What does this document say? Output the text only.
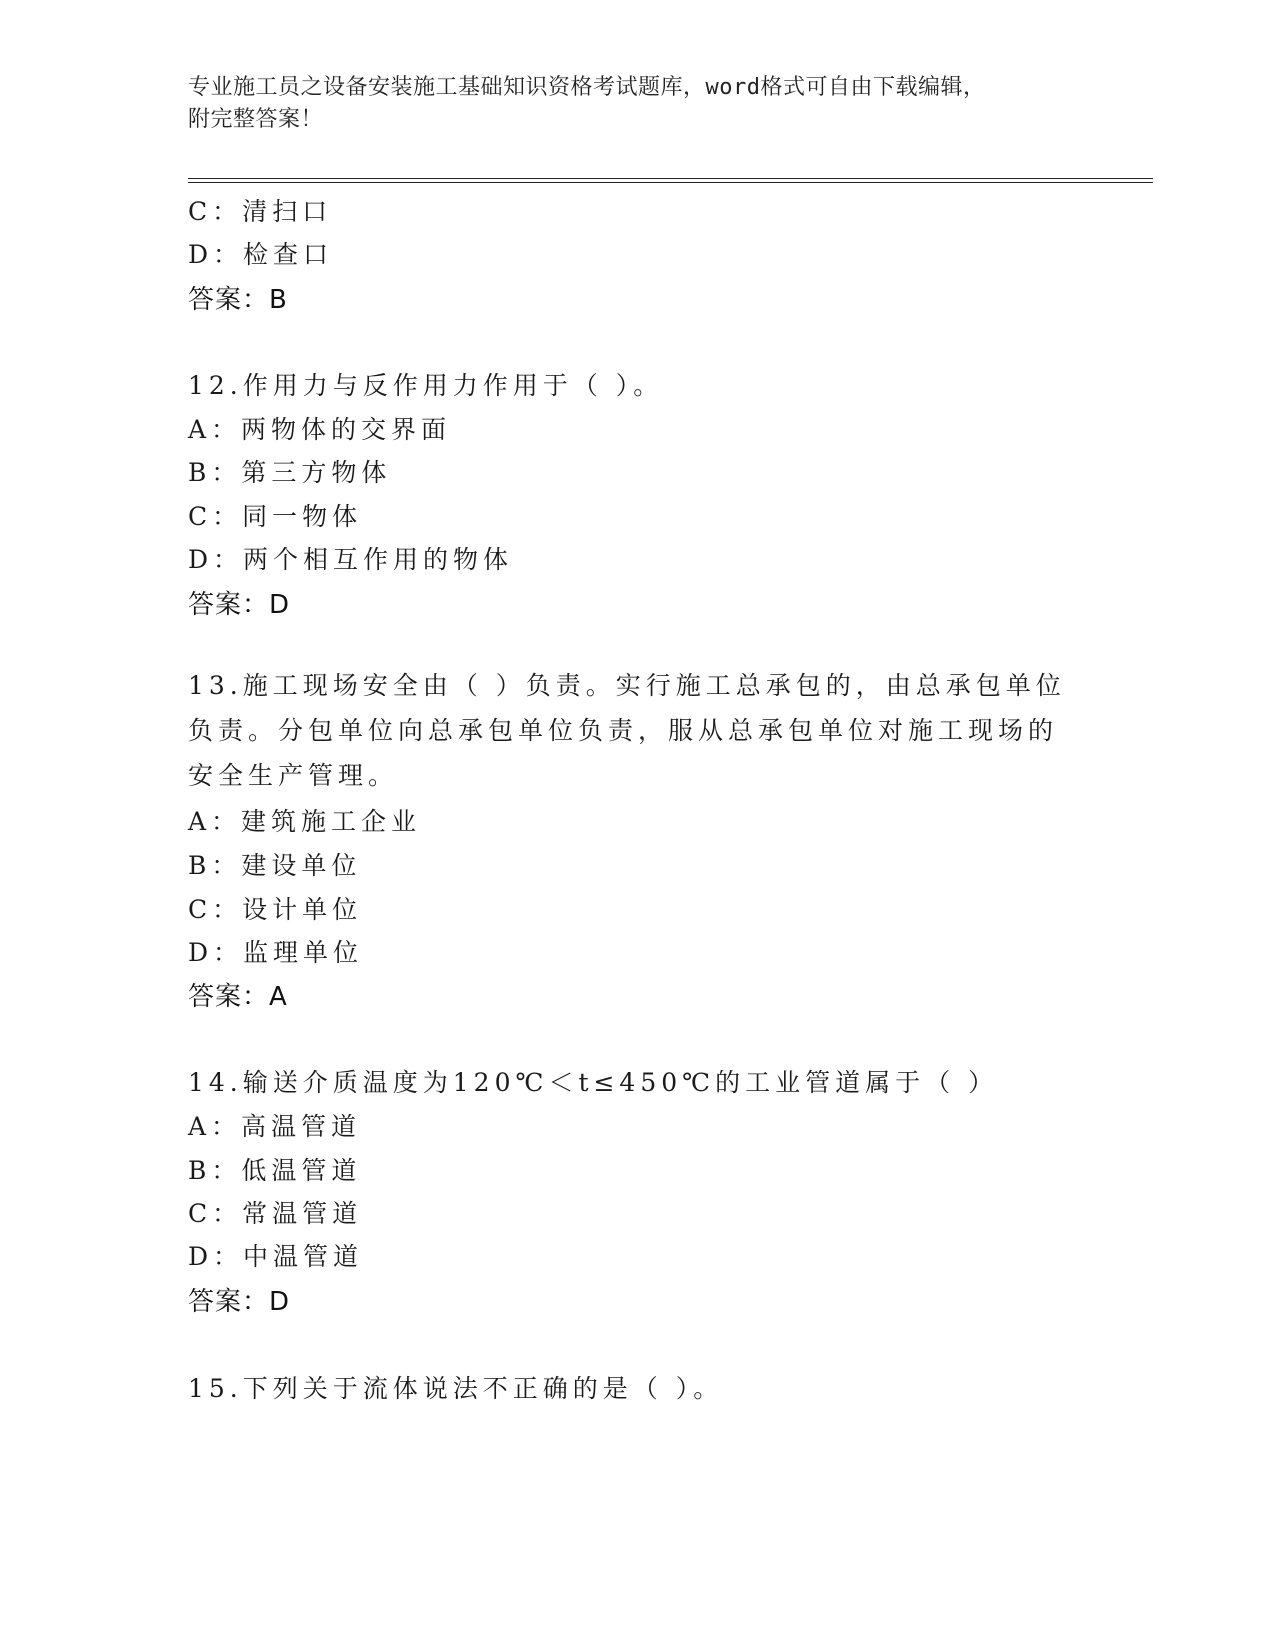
专业施工员之设备安装施工基础知识资格考试题库，word格式可自由下载编辑，
附完整答案！
C：清扫口
D：检查口
答案：B
12.作用力与反作用力作用于（ ）。
A：两物体的交界面
B：第三方物体
C：同一物体
D：两个相互作用的物体
答案：D
13.施工现场安全由（ ）负责。实行施工总承包的，由总承包单位负责。分包单位向总承包单位负责，服从总承包单位对施工现场的安全生产管理。
A：建筑施工企业
B：建设单位
C：设计单位
D：监理单位
答案：A
14.输送介质温度为120℃＜t≤450℃的工业管道属于（ ）
A：高温管道
B：低温管道
C：常温管道
D：中温管道
答案：D
15.下列关于流体说法不正确的是（ ）。
